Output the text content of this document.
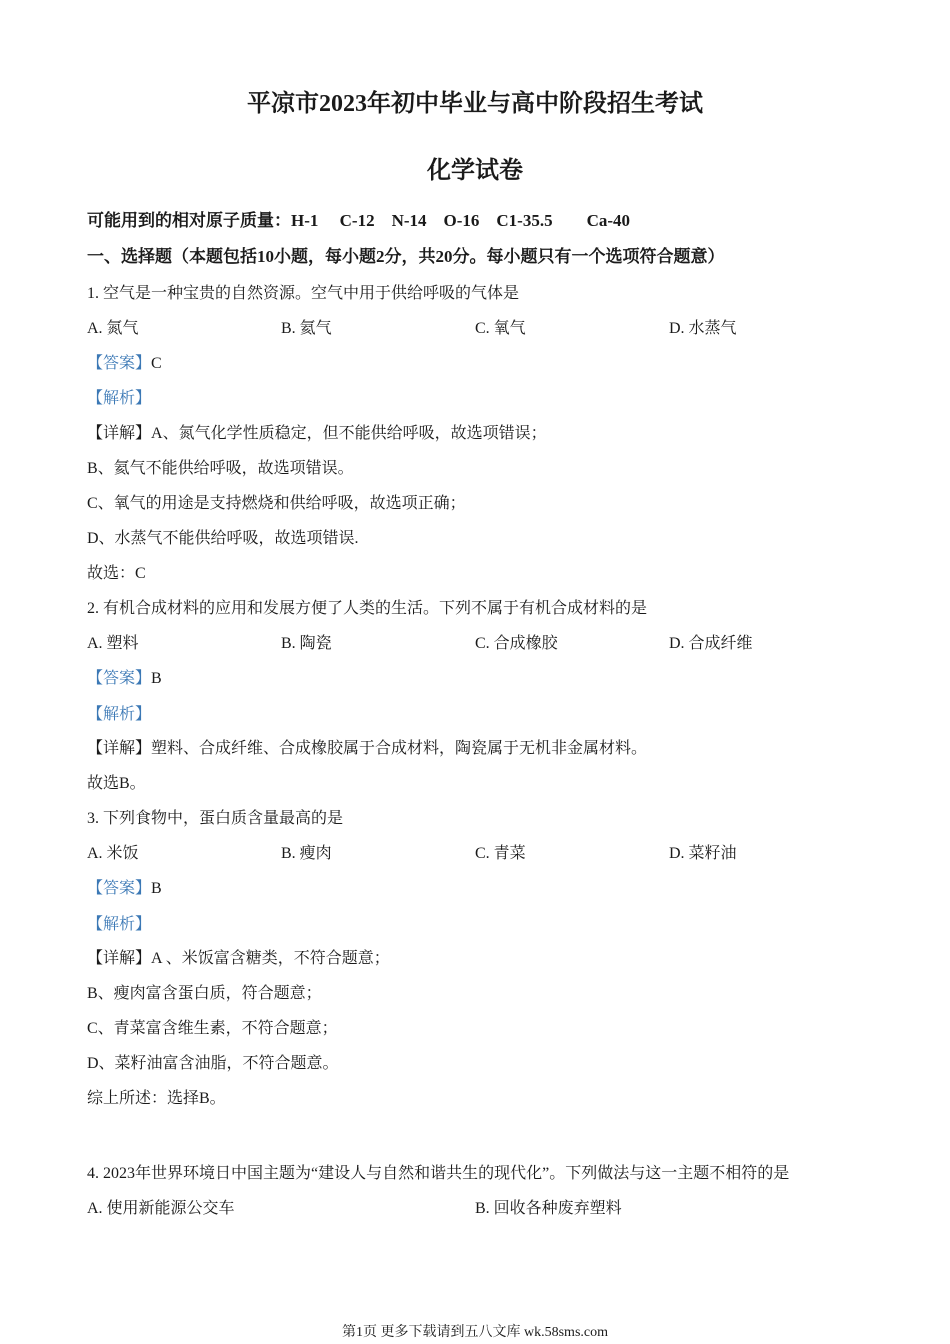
平凉市2023年初中毕业与高中阶段招生考试
化学试卷
可能用到的相对原子质量：H-1　 C-12　N-14　O-16　C1-35.5　　Ca-40
一、选择题（本题包括10小题，每小题2分，共20分。每小题只有一个选项符合题意）
1. 空气是一种宝贵的自然资源。空气中用于供给呼吸的气体是
A. 氮气	B. 氦气	C. 氧气	D. 水蒸气
【答案】C
【解析】
【详解】A、氮气化学性质稳定，但不能供给呼吸，故选项错误；
B、氦气不能供给呼吸，故选项错误。
C、氧气的用途是支持燃烧和供给呼吸，故选项正确；
D、水蒸气不能供给呼吸，故选项错误.
故选：C
2. 有机合成材料的应用和发展方便了人类的生活。下列不属于有机合成材料的是
A. 塑料	B. 陶瓷	C. 合成橡胶	D. 合成纤维
【答案】B
【解析】
【详解】塑料、合成纤维、合成橡胶属于合成材料，陶瓷属于无机非金属材料。
故选B。
3. 下列食物中，蛋白质含量最高的是
A. 米饭	B. 瘦肉	C. 青菜	D. 菜籽油
【答案】B
【解析】
【详解】A 、米饭富含糖类，不符合题意；
B、瘦肉富含蛋白质，符合题意；
C、青菜富含维生素，不符合题意；
D、菜籽油富含油脂，不符合题意。
综上所述：选择B。
4. 2023年世界环境日中国主题为“建设人与自然和谐共生的现代化”。下列做法与这一主题不相符的是
A. 使用新能源公交车	B. 回收各种废弃塑料
第1页 更多下载请到五八文库 wk.58sms.com
